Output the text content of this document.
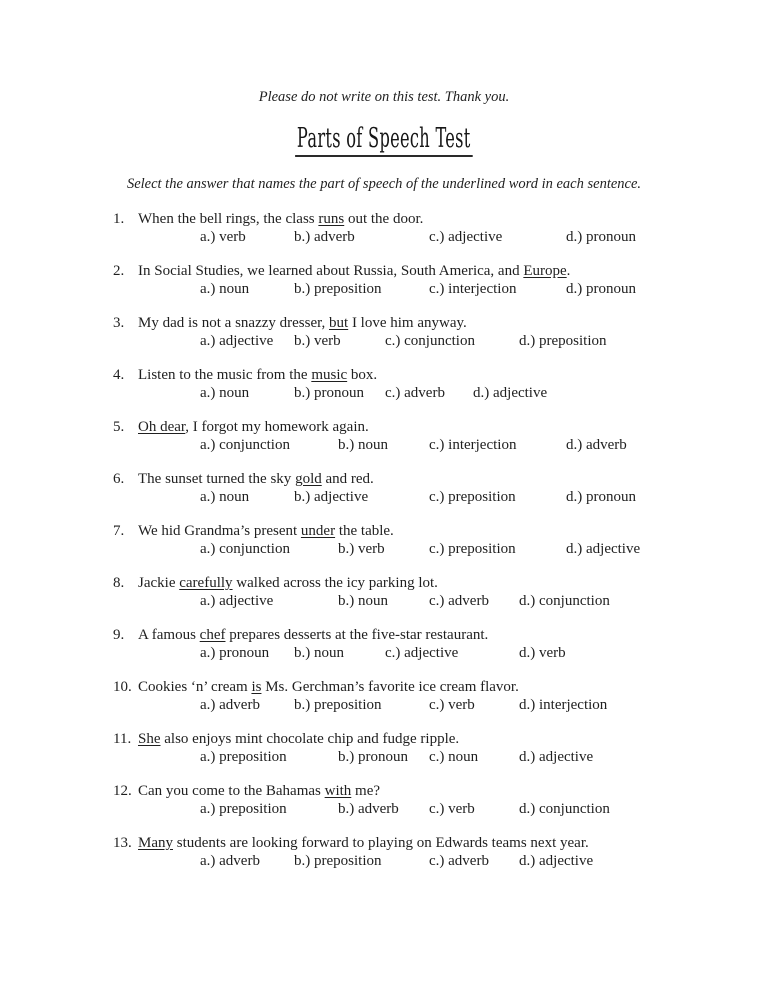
Please do not write on this test. Thank you.
Parts of Speech Test
Select the answer that names the part of speech of the underlined word in each sentence.
1. When the bell rings, the class runs out the door.
a.) verb	b.) adverb	c.) adjective	d.) pronoun
2. In Social Studies, we learned about Russia, South America, and Europe.
a.) noun	b.) preposition	c.) interjection	d.) pronoun
3. My dad is not a snazzy dresser, but I love him anyway.
a.) adjective b.) verb	c.) conjunction	d.) preposition
4. Listen to the music from the music box.
a.) noun	b.) pronoun c.) adverb d.) adjective
5. Oh dear, I forgot my homework again.
a.) conjunction	b.) noun	c.) interjection	d.) adverb
6. The sunset turned the sky gold and red.
a.) noun	b.) adjective	c.) preposition	d.) pronoun
7. We hid Grandma’s present under the table.
a.) conjunction	b.) verb	c.) preposition	d.) adjective
8. Jackie carefully walked across the icy parking lot.
a.) adjective	b.) noun	c.) adverb d.) conjunction
9. A famous chef prepares desserts at the five-star restaurant.
a.) pronoun b.) noun	c.) adjective	d.) verb
10. Cookies ‘n’ cream is Ms. Gerchman’s favorite ice cream flavor.
a.) adverb b.) preposition	c.) verb	d.) interjection
11. She also enjoys mint chocolate chip and fudge ripple.
a.) preposition	b.) pronoun c.) noun	d.) adjective
12. Can you come to the Bahamas with me?
a.) preposition	b.) adverb c.) verb	d.) conjunction
13. Many students are looking forward to playing on Edwards teams next year.
a.) adverb b.) preposition	c.) adverb d.) adjective
